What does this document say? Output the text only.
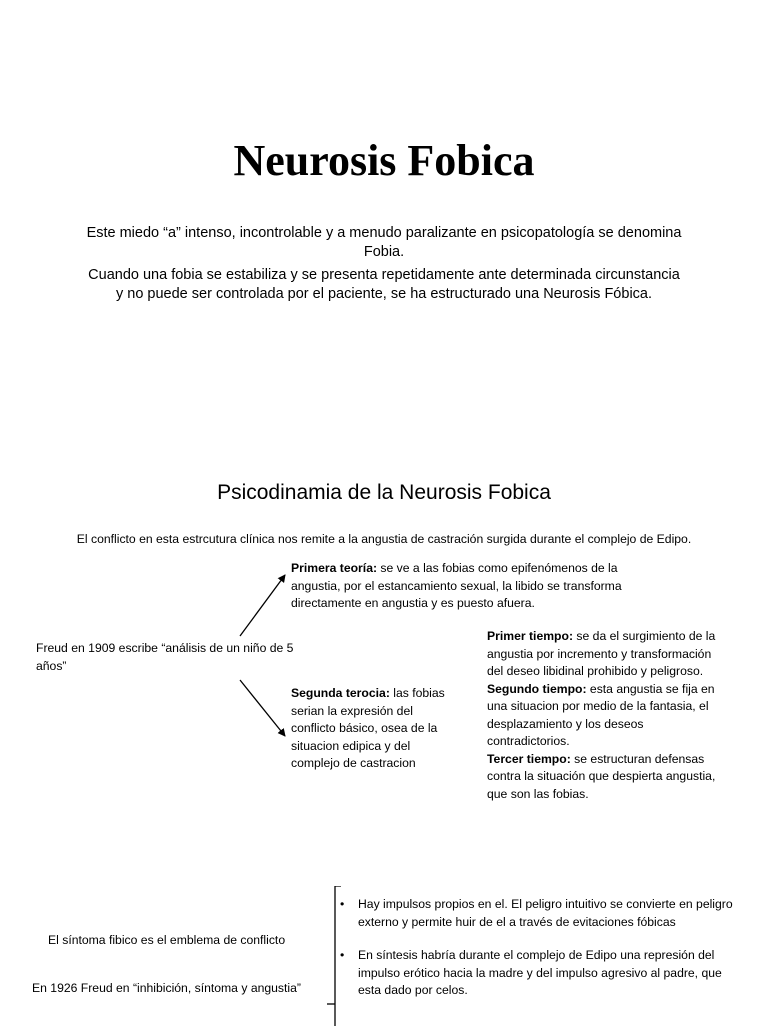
Neurosis Fobica
Este miedo “a” intenso, incontrolable y a menudo paralizante en psicopatología se denomina Fobia.
Cuando una fobia se estabiliza y se presenta repetidamente ante determinada circunstancia y no puede ser controlada por el paciente, se ha estructurado una Neurosis Fóbica.
Psicodinamia de la Neurosis Fobica
El conflicto en esta estrcutura clínica nos remite a la angustia de castración surgida durante el complejo de Edipo.
Freud en 1909 escribe “análisis de un niño de 5 años”
Primera teoría: se ve a las fobias como epifenómenos de la angustia, por el estancamiento sexual, la libido se transforma directamente en angustia y es puesto afuera.
Segunda terocia: las fobias serian la expresión del conflicto básico, osea de la situacion edipica y del complejo de castracion
Primer tiempo: se da el surgimiento de la angustia por incremento y transformación del deseo libidinal prohibido y peligroso.
Segundo tiempo: esta angustia se fija en una situacion por medio de la fantasia, el desplazamiento y los deseos contradictorios.
Tercer tiempo: se estructuran defensas contra la situación que despierta angustia, que son las fobias.
El síntoma fibico es el emblema de conflicto
En 1926 Freud en “inhibición, síntoma y angustia”
• Hay impulsos propios en el. El peligro intuitivo se convierte en peligro externo y permite huir de el a través de evitaciones fóbicas
• En síntesis habría durante el complejo de Edipo una represión del impulso erótico hacia la madre y del impulso agresivo al padre, que esta dado por celos.
